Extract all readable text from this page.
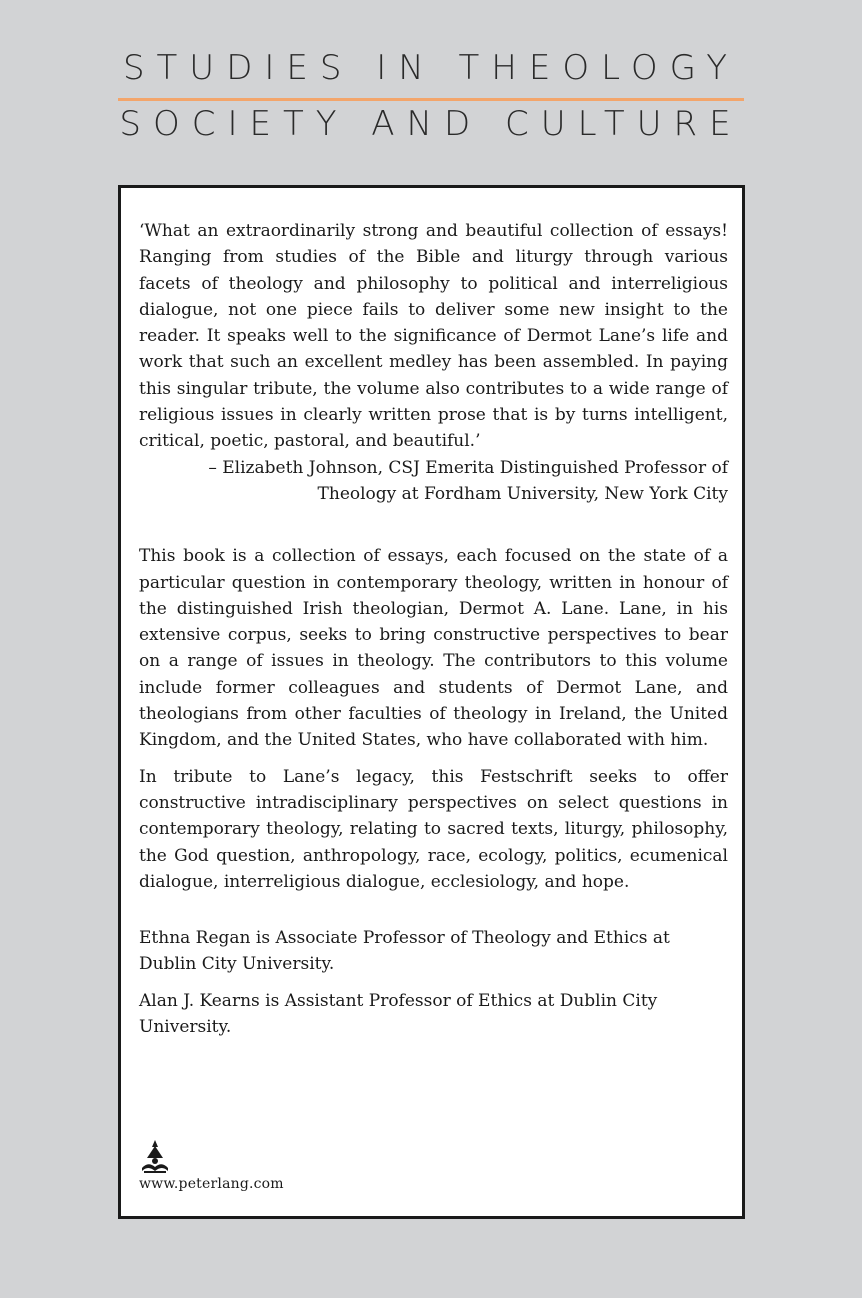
STUDIES IN THEOLOGY
SOCIETY AND CULTURE

‘What an extraordinarily strong and beautiful collection of essays! Ranging from studies of the Bible and liturgy through various facets of theology and philosophy to political and interreligious dialogue, not one piece fails to deliver some new insight to the reader. It speaks well to the significance of Dermot Lane’s life and work that such an excellent medley has been assembled. In paying this singular tribute, the volume also contributes to a wide range of religious issues in clearly written prose that is by turns intelligent, critical, poetic, pastoral, and beautiful.’

– Elizabeth Johnson, CSJ Emerita Distinguished Professor of

Theology at Fordham University, New York City

This book is a collection of essays, each focused on the state of a particular question in contemporary theology, written in honour of the distinguished Irish theologian, Dermot A. Lane. Lane, in his extensive corpus, seeks to bring constructive perspectives to bear on a range of issues in theology. The contributors to this volume include former colleagues and students of Dermot Lane, and theologians from other faculties of theology in Ireland, the United Kingdom, and the United States, who have collaborated with him.

In tribute to Lane’s legacy, this Festschrift seeks to offer constructive intradisciplinary perspectives on select questions in contemporary theology, relating to sacred texts, liturgy, philosophy, the God question, anthropology, race, ecology, politics, ecumenical dialogue, interreligious dialogue, ecclesiology, and hope.

Ethna Regan is Associate Professor of Theology and Ethics at Dublin City University.

Alan J. Kearns is Assistant Professor of Ethics at Dublin City University.

www.peterlang.com
